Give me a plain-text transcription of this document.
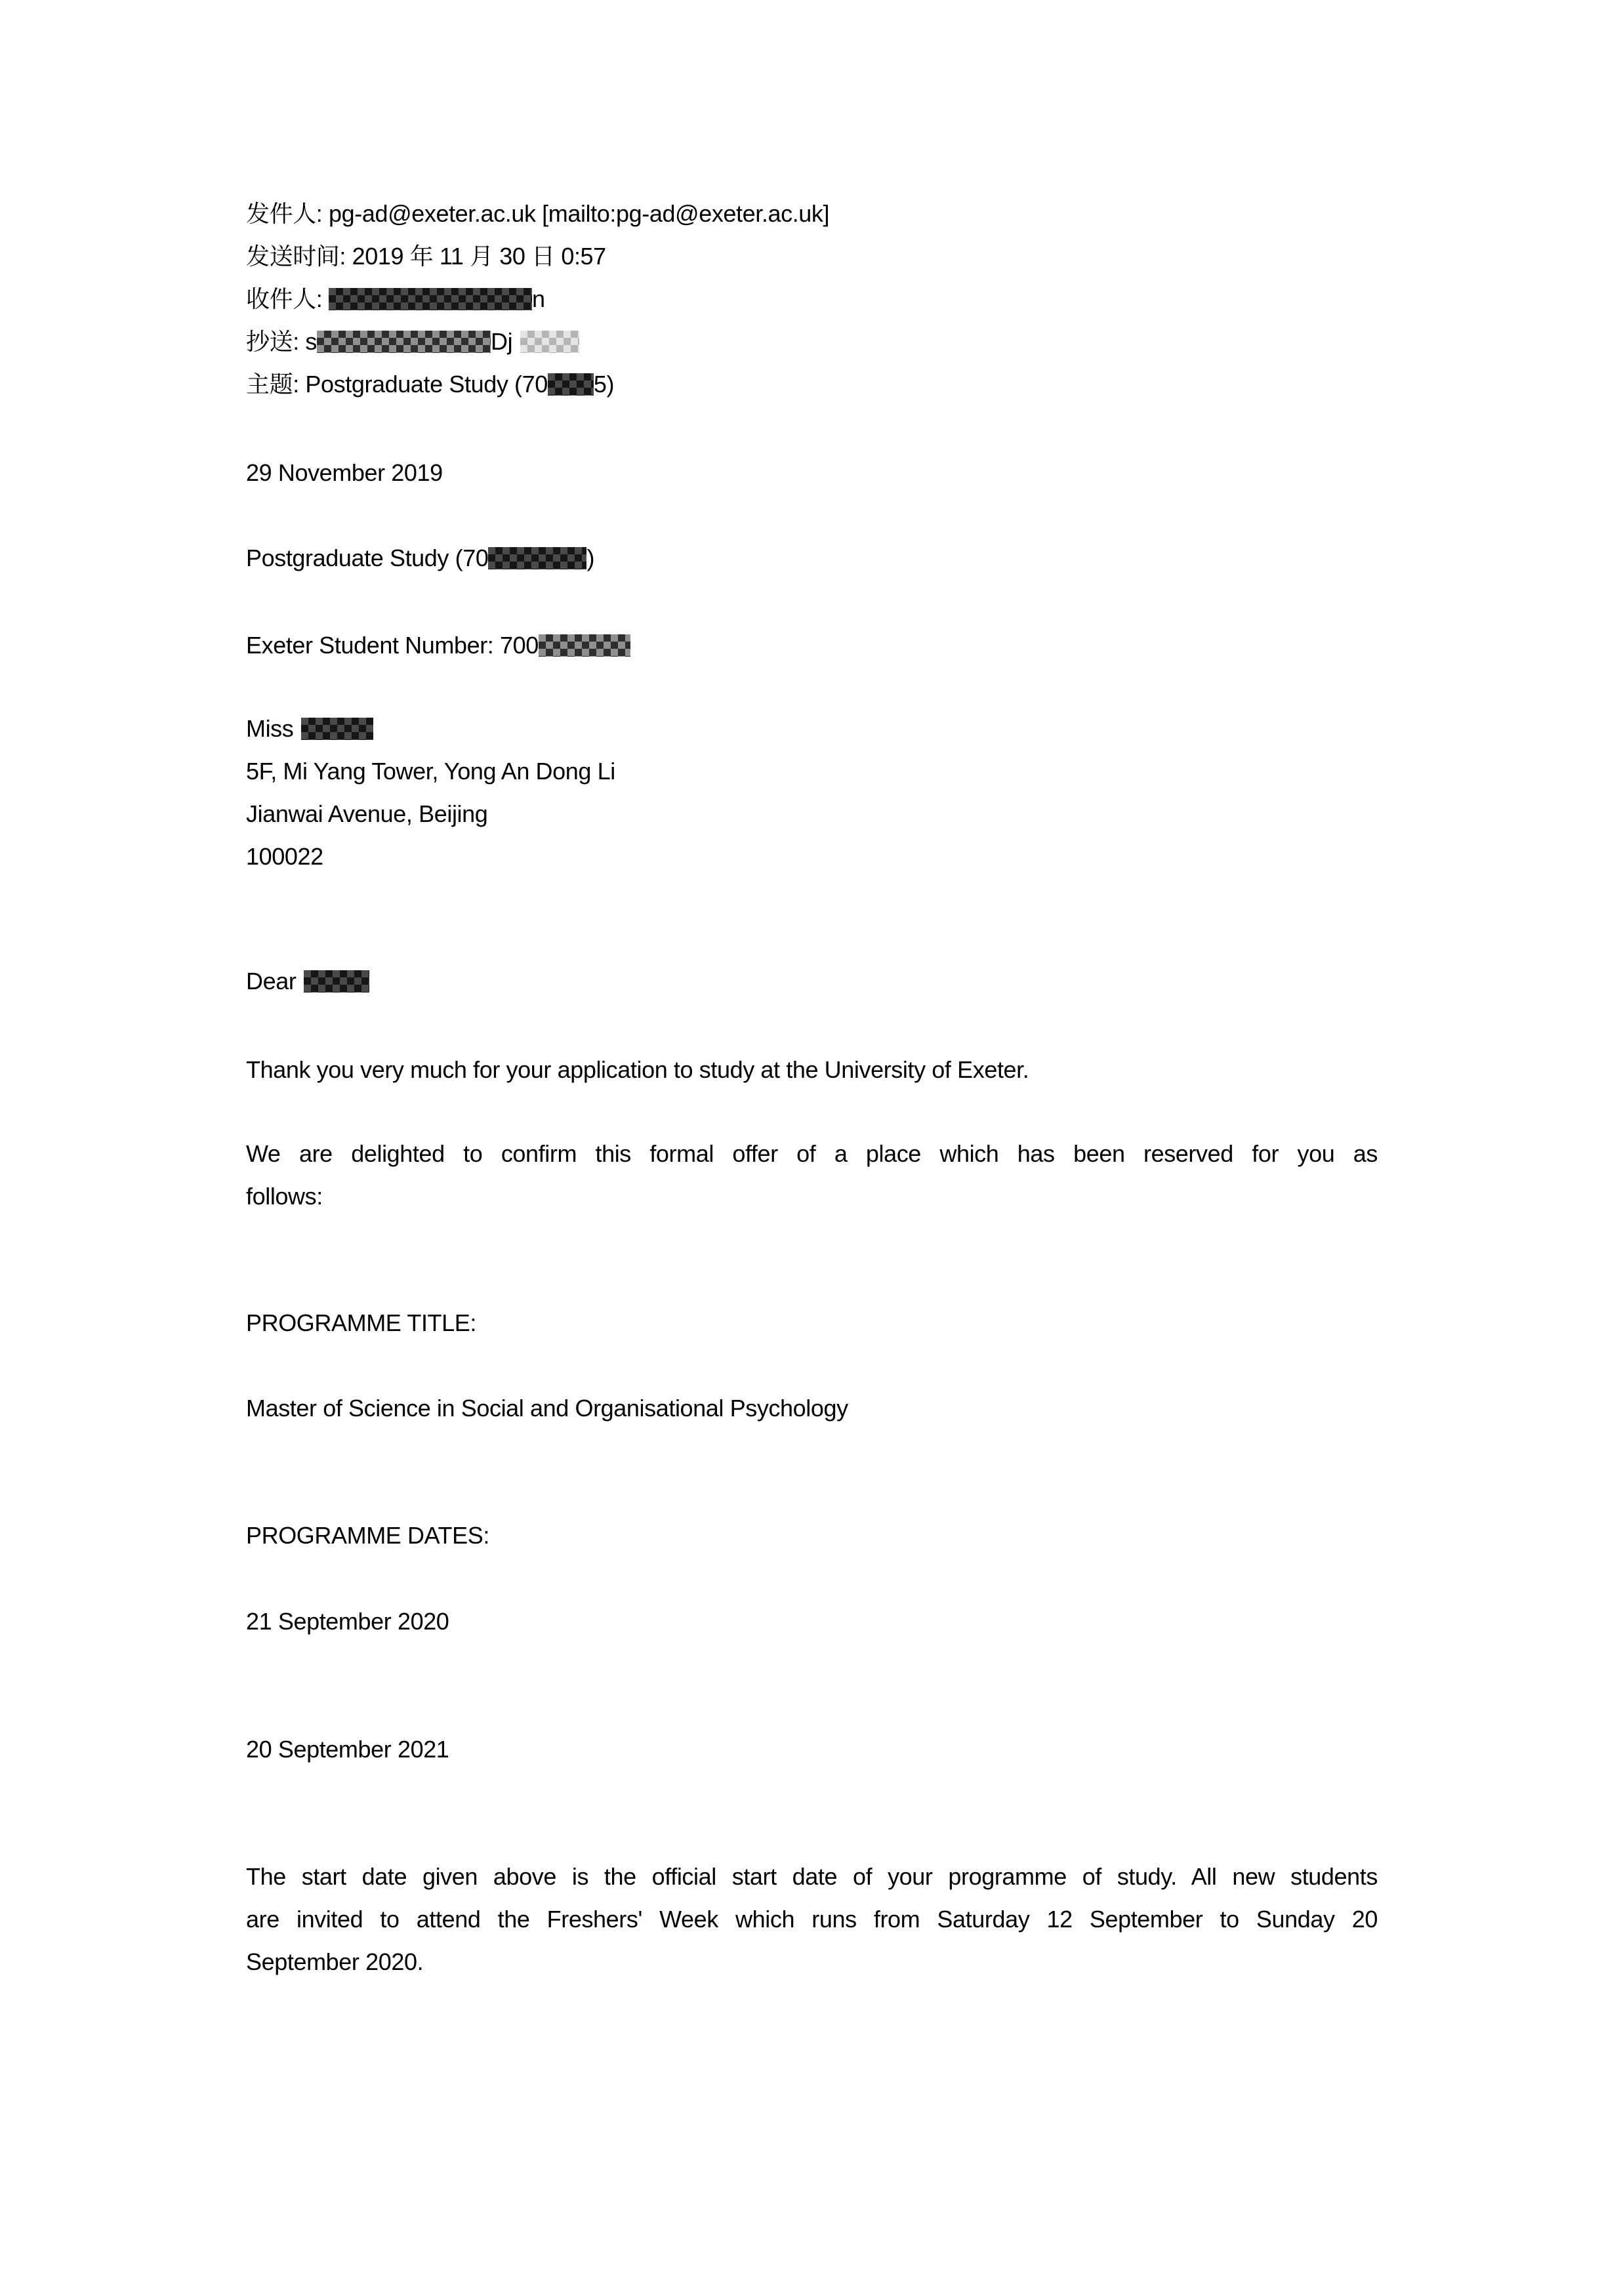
发件人: pg-ad@exeter.ac.uk [mailto:pg-ad@exeter.ac.uk]
发送时间: 2019 年 11 月 30 日 0:57
收件人:	n
抄送: s	Dj
主题: Postgraduate Study (70 5)
29 November 2019
Postgraduate Study (70	)
Exeter Student Number: 700
Miss
5F, Mi Yang Tower, Yong An Dong Li
Jianwai Avenue, Beijing
100022
Dear
Thank you very much for your application to study at the University of Exeter.
We are delighted to confirm this formal offer of a place which has been reserved for you as
follows:
PROGRAMME TITLE:
Master of Science in Social and Organisational Psychology
PROGRAMME DATES:
21 September 2020
20 September 2021
The start date given above is the official start date of your programme of study. All new students
are invited to attend the Freshers' Week which runs from Saturday 12 September to Sunday 20
September 2020.
